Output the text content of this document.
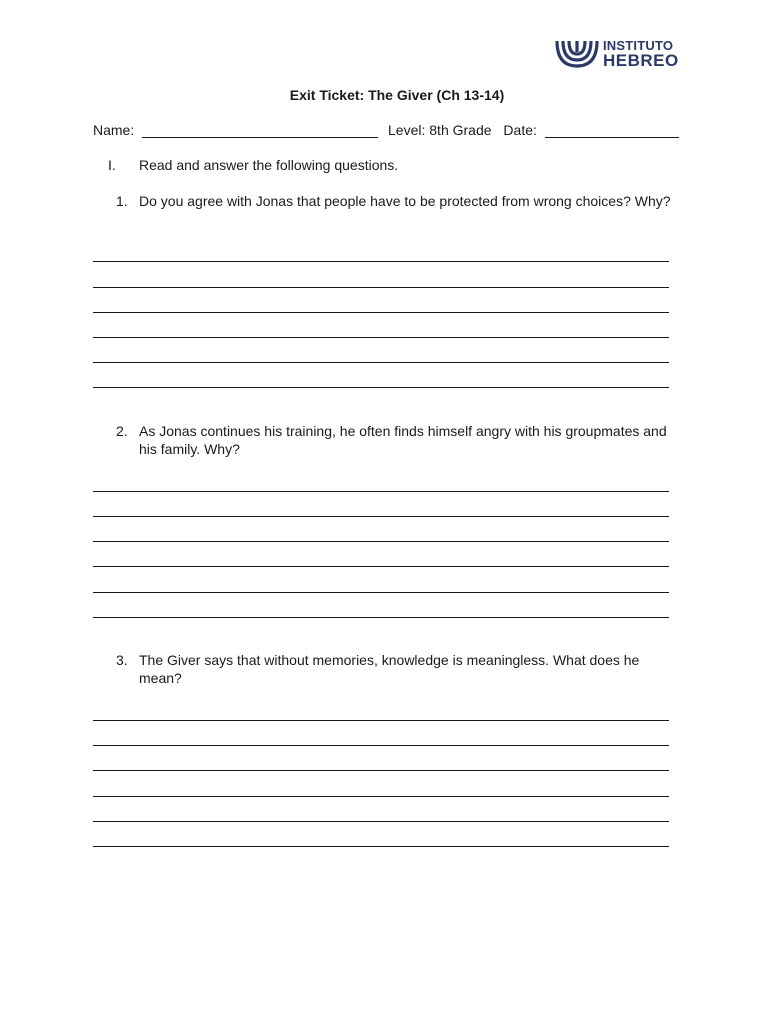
INSTITUTO
HEBREO
Exit Ticket: The Giver (Ch 13-14)
Name:	Level: 8th Grade Date:
I. Read and answer the following questions.
1. Do you agree with Jonas that people have to be protected from wrong choices? Why?
2. As Jonas continues his training, he often finds himself angry with his groupmates and his family. Why?
3. The Giver says that without memories, knowledge is meaningless. What does he mean?
